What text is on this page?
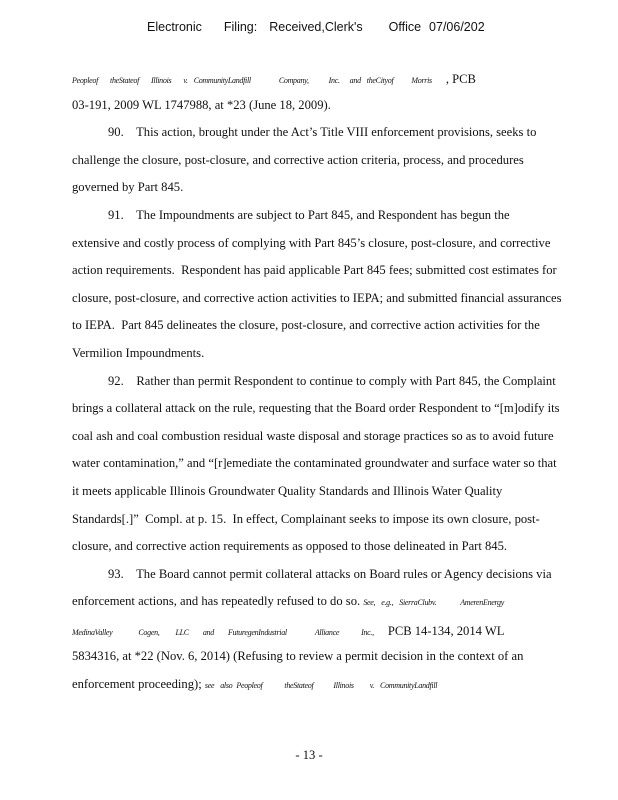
Electronic Filing: Received,Clerk's Office 07/06/202
Peopleof theStateof Illinois v. CommunityLandfill	Company,	Inc. and theCityof Morris , PCB
03-191, 2009 WL 1747988, at *23 (June 18, 2009).
90.    This action, brought under the Act’s Title VIII enforcement provisions, seeks to
challenge the closure, post-closure, and corrective action criteria, process, and procedures
governed by Part 845.
91.    The Impoundments are subject to Part 845, and Respondent has begun the
extensive and costly process of complying with Part 845’s closure, post-closure, and corrective
action requirements.  Respondent has paid applicable Part 845 fees; submitted cost estimates for
closure, post-closure, and corrective action activities to IEPA; and submitted financial assurances
to IEPA.  Part 845 delineates the closure, post-closure, and corrective action activities for the
Vermilion Impoundments.
92.    Rather than permit Respondent to continue to comply with Part 845, the Complaint
brings a collateral attack on the rule, requesting that the Board order Respondent to “[m]odify its
coal ash and coal combustion residual waste disposal and storage practices so as to avoid future
water contamination,” and “[r]emediate the contaminated groundwater and surface water so that
it meets applicable Illinois Groundwater Quality Standards and Illinois Water Quality
Standards[.]”  Compl. at p. 15.  In effect, Complainant seeks to impose its own closure, post-
closure, and corrective action requirements as opposed to those delineated in Part 845.
93.    The Board cannot permit collateral attacks on Board rules or Agency decisions via
enforcement actions, and has repeatedly refused to do so. See, e.g., SierraClubv.	AmerenEnergy
MedinaValley	Cogen, LLC and FuturegenIndustrial	Alliance	Inc., PCB 14-134, 2014 WL
5834316, at *22 (Nov. 6, 2014) (Refusing to review a permit decision in the context of an
enforcement proceeding); see also Peopleof	theStateof	Illinois v. CommunityLandfill
- 13 -
